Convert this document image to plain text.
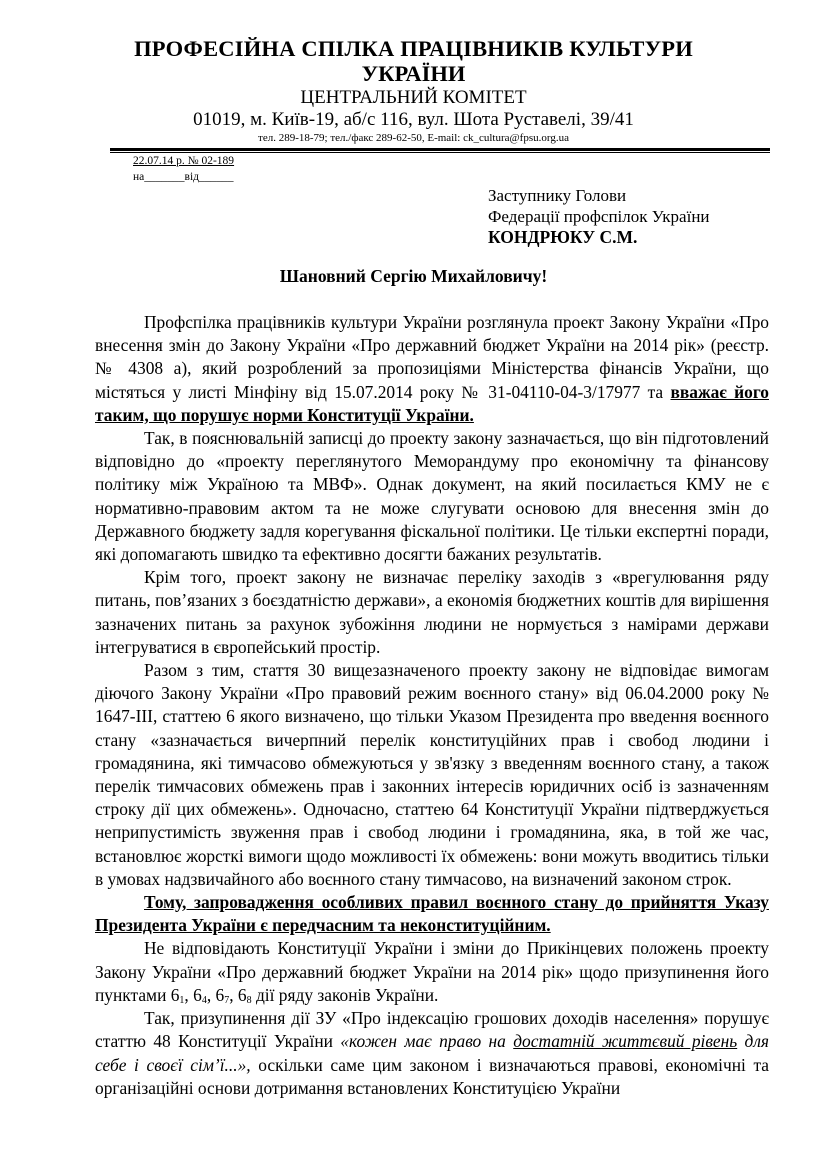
ПРОФЕСІЙНА СПІЛКА ПРАЦІВНИКІВ КУЛЬТУРИ
УКРАЇНИ
ЦЕНТРАЛЬНИЙ КОМІТЕТ
01019, м. Київ-19, аб/с 116, вул. Шота Руставелі, 39/41
тел. 289-18-79; тел./факс 289-62-50, E-mail: ck_cultura@fpsu.org.ua
22.07.14 р. № 02-189
на_______від______
Заступнику Голови
Федерації профспілок України
КОНДРЮКУ С.М.
Шановний Сергію Михайловичу!

Профспілка працівників культури України розглянула проект Закону України «Про внесення змін до Закону України «Про державний бюджет України на 2014 рік» (реєстр. № 4308 а), який розроблений за пропозиціями Міністерства фінансів України, що містяться у листі Мінфіну від 15.07.2014 року № 31-04110-04-3/17977 та вважає його таким, що порушує норми Конституції України.

Так, в пояснювальній записці до проекту закону зазначається, що він підготовлений відповідно до «проекту переглянутого Меморандуму про економічну та фінансову політику між Україною та МВФ». Однак документ, на який посилається КМУ не є нормативно-правовим актом та не може слугувати основою для внесення змін до Державного бюджету задля корегування фіскальної політики. Це тільки експертні поради, які допомагають швидко та ефективно досягти бажаних результатів.

Крім того, проект закону не визначає переліку заходів з «врегулювання ряду питань, пов’язаних з боєздатністю держави», а економія бюджетних коштів для вирішення зазначених питань за рахунок зубожіння людини не нормується з намірами держави інтегруватися в європейський простір.

Разом з тим, стаття 30 вищезазначеного проекту закону не відповідає вимогам діючого Закону України «Про правовий режим воєнного стану» від 06.04.2000 року № 1647-ІІІ, статтею 6 якого визначено, що тільки Указом Президента про введення воєнного стану «зазначається вичерпний перелік конституційних прав і свобод людини і громадянина, які тимчасово обмежуються у зв'язку з введенням воєнного стану, а також перелік тимчасових обмежень прав і законних інтересів юридичних осіб із зазначенням строку дії цих обмежень». Одночасно, статтею 64 Конституції України підтверджується неприпустимість звуження прав і свобод людини і громадянина, яка, в той же час, встановлює жорсткі вимоги щодо можливості їх обмежень: вони можуть вводитись тільки в умовах надзвичайного або воєнного стану тимчасово, на визначений законом строк.

Тому, запровадження особливих правил воєнного стану до прийняття Указу Президента України є передчасним та неконституційним.

Не відповідають Конституції України і зміни до Прикінцевих положень проекту Закону України «Про державний бюджет України на 2014 рік» щодо призупинення його пунктами $6_1$, $6_4$, $6_7$, $6_8$ дії ряду законів України.

Так, призупинення дії ЗУ «Про індексацію грошових доходів населення» порушує статтю 48 Конституції України «кожен має право на достатній життєвий рівень для себе і своєї сім’ї...», оскільки саме цим законом і визначаються правові, економічні та організаційні основи дотримання встановлених Конституцією України
